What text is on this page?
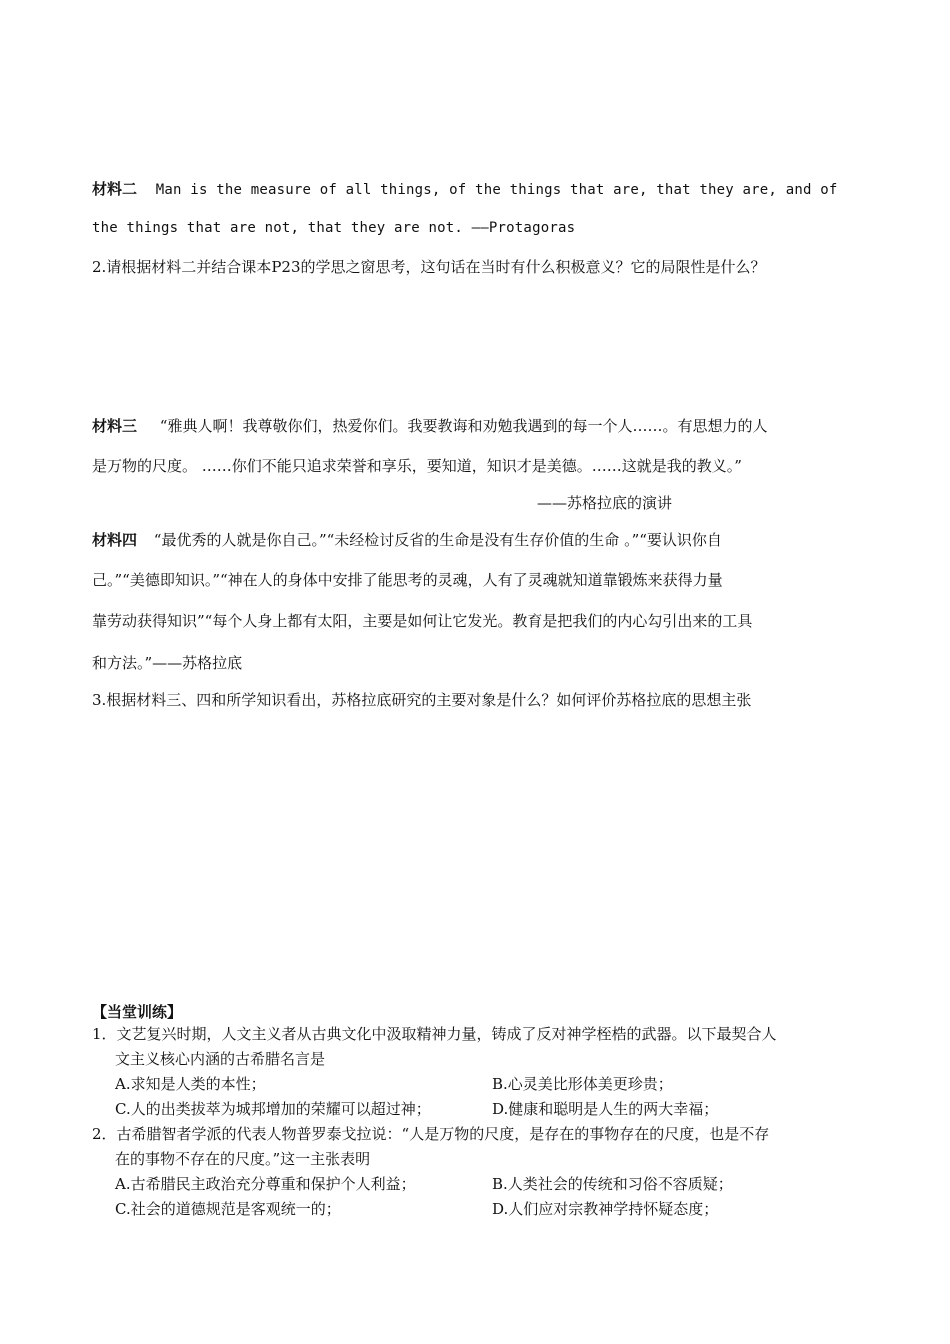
材料二 Man is the measure of all things, of the things that are, that they are, and of
the things that are not, that they are not. ——Protagoras
2.请根据材料二并结合课本P23的学思之窗思考，这句话在当时有什么积极意义？它的局限性是什么？
材料三 “雅典人啊！我尊敬你们，热爱你们。我要教诲和劝勉我遇到的每一个人……。有思想力的人
是万物的尺度。 ……你们不能只追求荣誉和享乐，要知道，知识才是美德。……这就是我的教义。”
——苏格拉底的演讲
材料四 “最优秀的人就是你自己。”“未经检讨反省的生命是没有生存价值的生命 。”“要认识你自
己。”“美德即知识。”“神在人的身体中安排了能思考的灵魂，人有了灵魂就知道靠锻炼来获得力量
靠劳动获得知识”“每个人身上都有太阳，主要是如何让它发光。教育是把我们的内心勾引出来的工具
和方法。”——苏格拉底
3.根据材料三、四和所学知识看出，苏格拉底研究的主要对象是什么？如何评价苏格拉底的思想主张
【当堂训练】
1．文艺复兴时期，人文主义者从古典文化中汲取精神力量，铸成了反对神学桎梏的武器。以下最契合人
文主义核心内涵的古希腊名言是
A.求知是人类的本性；	B.心灵美比形体美更珍贵；
C.人的出类拔萃为城邦增加的荣耀可以超过神；	D.健康和聪明是人生的两大幸福；
2．古希腊智者学派的代表人物普罗泰戈拉说：“人是万物的尺度，是存在的事物存在的尺度，也是不存
在的事物不存在的尺度。”这一主张表明
A.古希腊民主政治充分尊重和保护个人利益；	B.人类社会的传统和习俗不容质疑；
C.社会的道德规范是客观统一的；	D.人们应对宗教神学持怀疑态度；
